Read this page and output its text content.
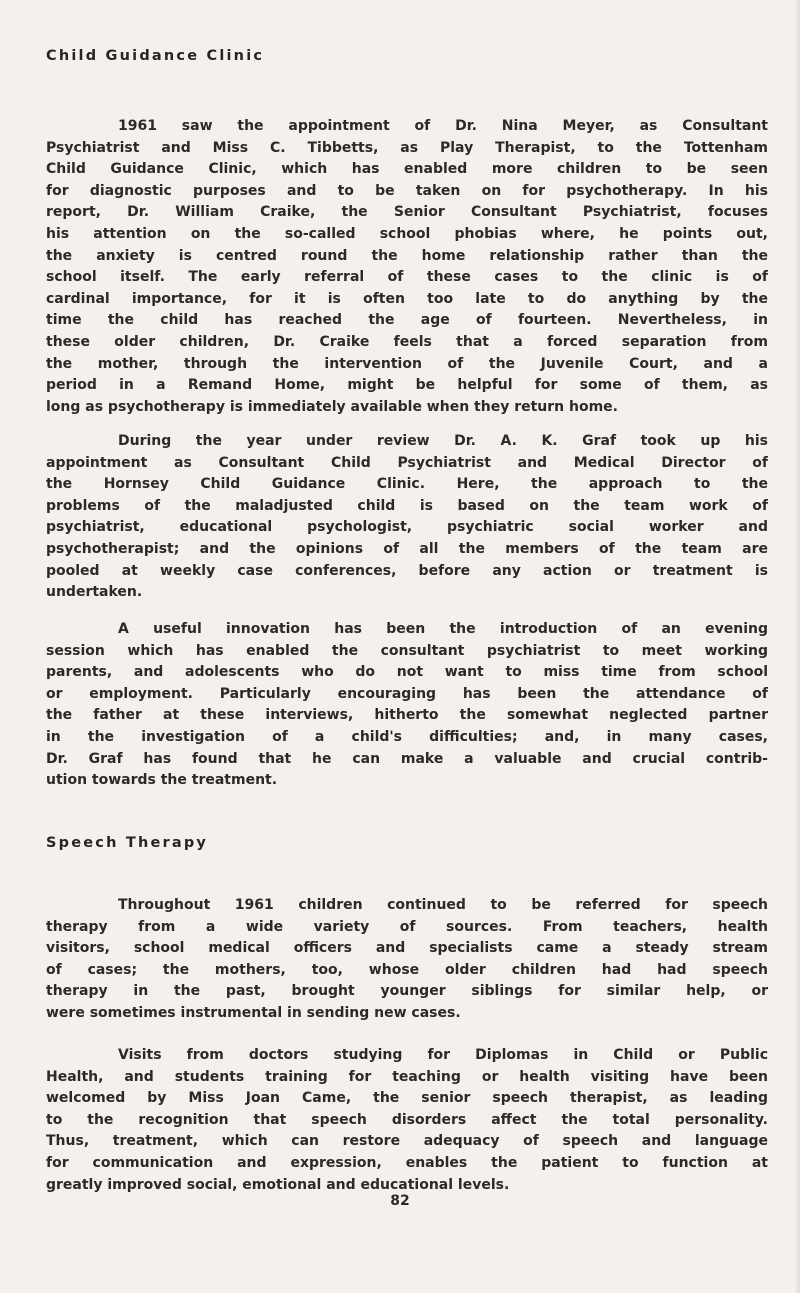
Child Guidance Clinic
1961 saw the appointment of Dr. Nina Meyer, as Consultant
Psychiatrist and Miss C. Tibbetts, as Play Therapist, to the Tottenham
Child Guidance Clinic, which has enabled more children to be seen
for diagnostic purposes and to be taken on for psychotherapy. In his
report, Dr. William Craike, the Senior Consultant Psychiatrist, focuses
his attention on the so-called school phobias where, he points out,
the anxiety is centred round the home relationship rather than the
school itself. The early referral of these cases to the clinic is of
cardinal importance, for it is often too late to do anything by the
time the child has reached the age of fourteen. Nevertheless, in
these older children, Dr. Craike feels that a forced separation from
the mother, through the intervention of the Juvenile Court, and a
period in a Remand Home, might be helpful for some of them, as
long as psychotherapy is immediately available when they return home.
During the year under review Dr. A. K. Graf took up his
appointment as Consultant Child Psychiatrist and Medical Director of
the Hornsey Child Guidance Clinic. Here, the approach to the
problems of the maladjusted child is based on the team work of
psychiatrist, educational psychologist, psychiatric social worker and
psychotherapist; and the opinions of all the members of the team are
pooled at weekly case conferences, before any action or treatment is
undertaken.
A useful innovation has been the introduction of an evening
session which has enabled the consultant psychiatrist to meet working
parents, and adolescents who do not want to miss time from school
or employment. Particularly encouraging has been the attendance of
the father at these interviews, hitherto the somewhat neglected partner
in the investigation of a child's difficulties; and, in many cases,
Dr. Graf has found that he can make a valuable and crucial contrib-
ution towards the treatment.
Speech Therapy
Throughout 1961 children continued to be referred for speech
therapy from a wide variety of sources. From teachers, health
visitors, school medical officers and specialists came a steady stream
of cases; the mothers, too, whose older children had had speech
therapy in the past, brought younger siblings for similar help, or
were sometimes instrumental in sending new cases.
Visits from doctors studying for Diplomas in Child or Public
Health, and students training for teaching or health visiting have been
welcomed by Miss Joan Came, the senior speech therapist, as leading
to the recognition that speech disorders affect the total personality.
Thus, treatment, which can restore adequacy of speech and language
for communication and expression, enables the patient to function at
greatly improved social, emotional and educational levels.
82
